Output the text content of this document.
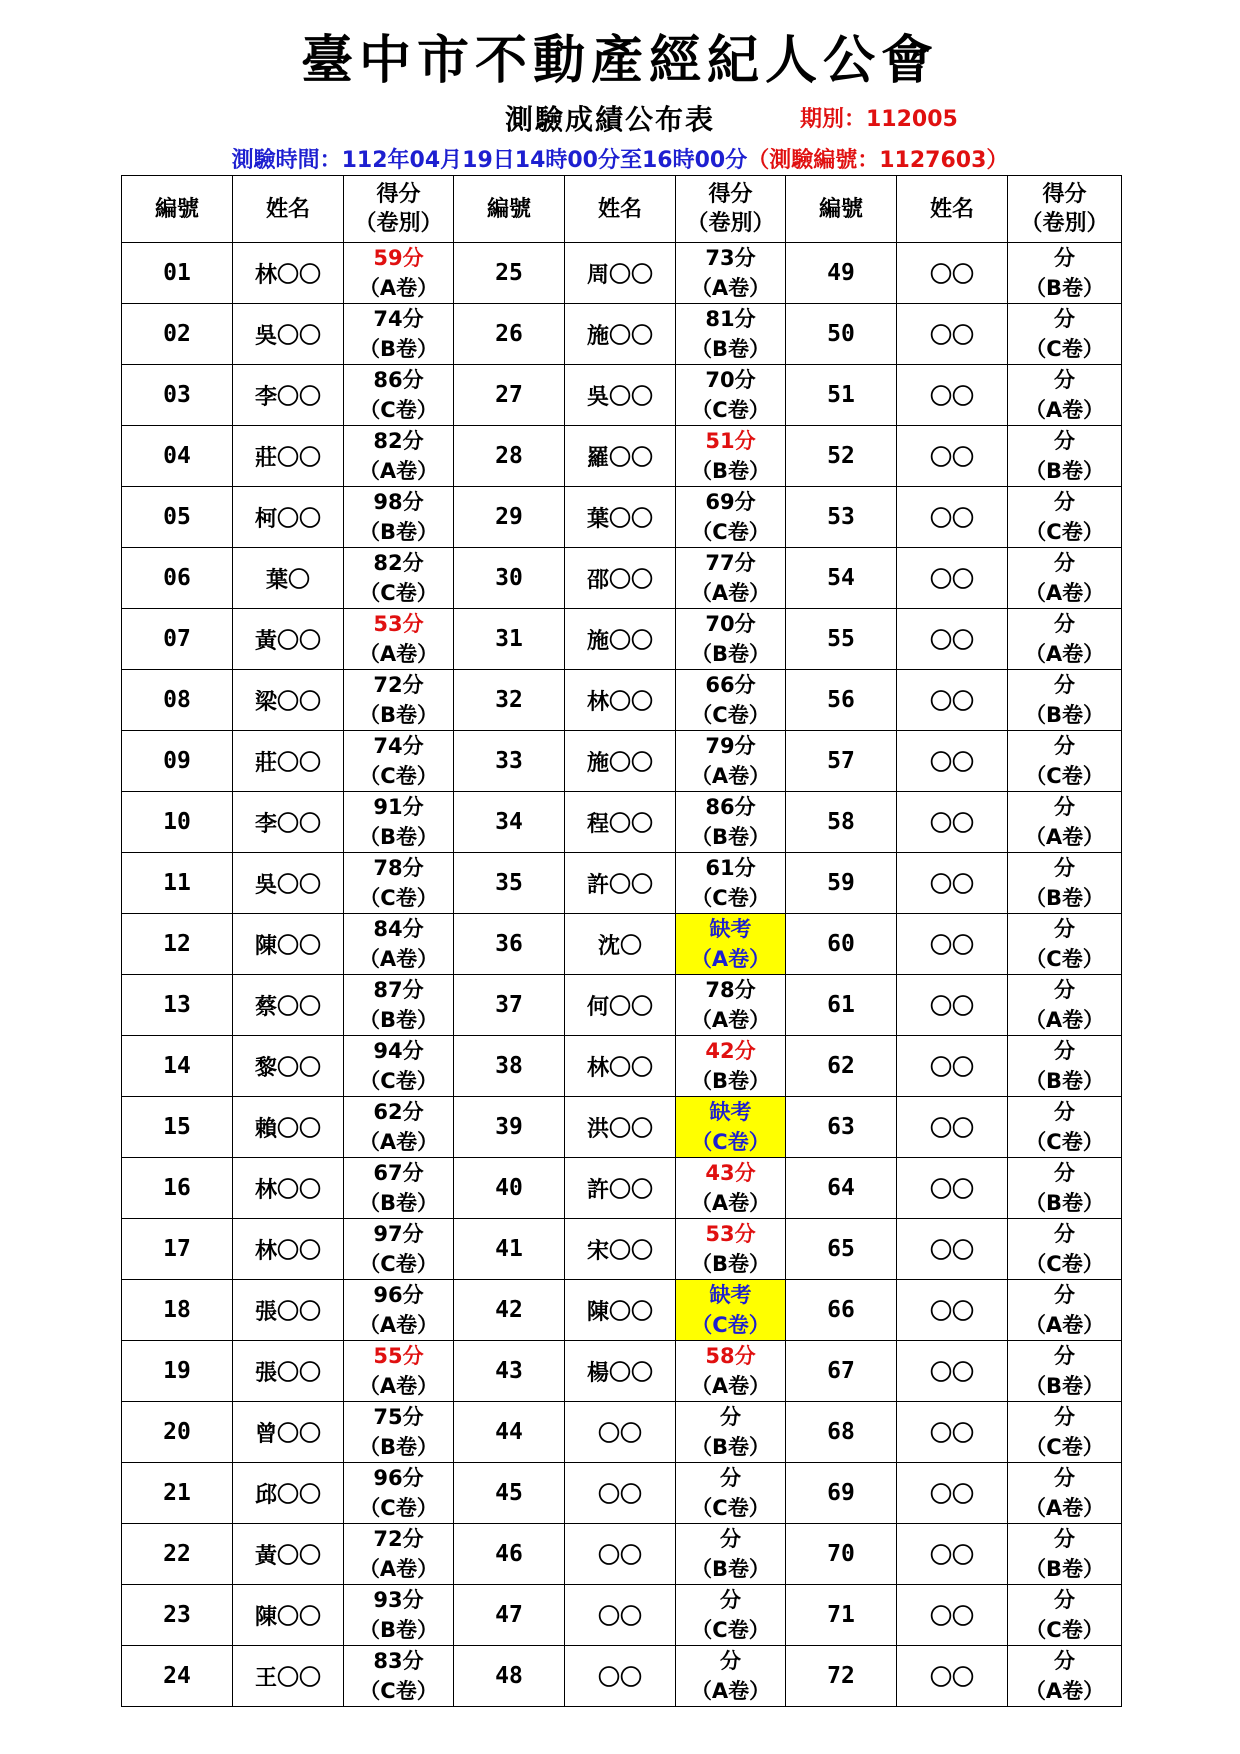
臺中市不動產經紀人公會
測驗成績公布表	期別：112005
測驗時間：112年04月19日14時00分至16時00分（測驗編號：1127603）
編號	姓名	得分
（卷別）	編號	姓名	得分
（卷別）	編號	姓名	得分
（卷別）
01	林〇〇	59分
（A卷）	25	周〇〇	73分
（A卷）	49	〇〇	分
（B卷）

02	吳〇〇	74分
（B卷）	26	施〇〇	81分
（B卷）	50	〇〇	分
（C卷）

03	李〇〇	86分
（C卷）	27	吳〇〇	70分
（C卷）	51	〇〇	分
（A卷）

04	莊〇〇	82分
（A卷）	28	羅〇〇	51分
（B卷）	52	〇〇	分
（B卷）

05	柯〇〇	98分
（B卷）	29	葉〇〇	69分
（C卷）	53	〇〇	分
（C卷）

06	葉〇	82分
（C卷）	30	邵〇〇	77分
（A卷）	54	〇〇	分
（A卷）

07	黃〇〇	53分
（A卷）	31	施〇〇	70分
（B卷）	55	〇〇	分
（A卷）

08	梁〇〇	72分
（B卷）	32	林〇〇	66分
（C卷）	56	〇〇	分
（B卷）

09	莊〇〇	74分
（C卷）	33	施〇〇	79分
（A卷）	57	〇〇	分
（C卷）

10	李〇〇	91分
（B卷）	34	程〇〇	86分
（B卷）	58	〇〇	分
（A卷）

11	吳〇〇	78分
（C卷）	35	許〇〇	61分
（C卷）	59	〇〇	分
（B卷）

12	陳〇〇	84分
（A卷）	36	沈〇	缺考
（A卷）	60	〇〇	分
（C卷）

13	蔡〇〇	87分
（B卷）	37	何〇〇	78分
（A卷）	61	〇〇	分
（A卷）

14	黎〇〇	94分
（C卷）	38	林〇〇	42分
（B卷）	62	〇〇	分
（B卷）

15	賴〇〇	62分
（A卷）	39	洪〇〇	缺考
（C卷）	63	〇〇	分
（C卷）

16	林〇〇	67分
（B卷）	40	許〇〇	43分
（A卷）	64	〇〇	分
（B卷）

17	林〇〇	97分
（C卷）	41	宋〇〇	53分
（B卷）	65	〇〇	分
（C卷）

18	張〇〇	96分
（A卷）	42	陳〇〇	缺考
（C卷）	66	〇〇	分
（A卷）

19	張〇〇	55分
（A卷）	43	楊〇〇	58分
（A卷）	67	〇〇	分
（B卷）

20	曾〇〇	75分
（B卷）	44	〇〇	分
（B卷）	68	〇〇	分
（C卷）

21	邱〇〇	96分
（C卷）	45	〇〇	分
（C卷）	69	〇〇	分
（A卷）

22	黃〇〇	72分
（A卷）	46	〇〇	分
（B卷）	70	〇〇	分
（B卷）

23	陳〇〇	93分
（B卷）	47	〇〇	分
（C卷）	71	〇〇	分
（C卷）

24	王〇〇	83分
（C卷）	48	〇〇	分
（A卷）	72	〇〇	分
（A卷）
